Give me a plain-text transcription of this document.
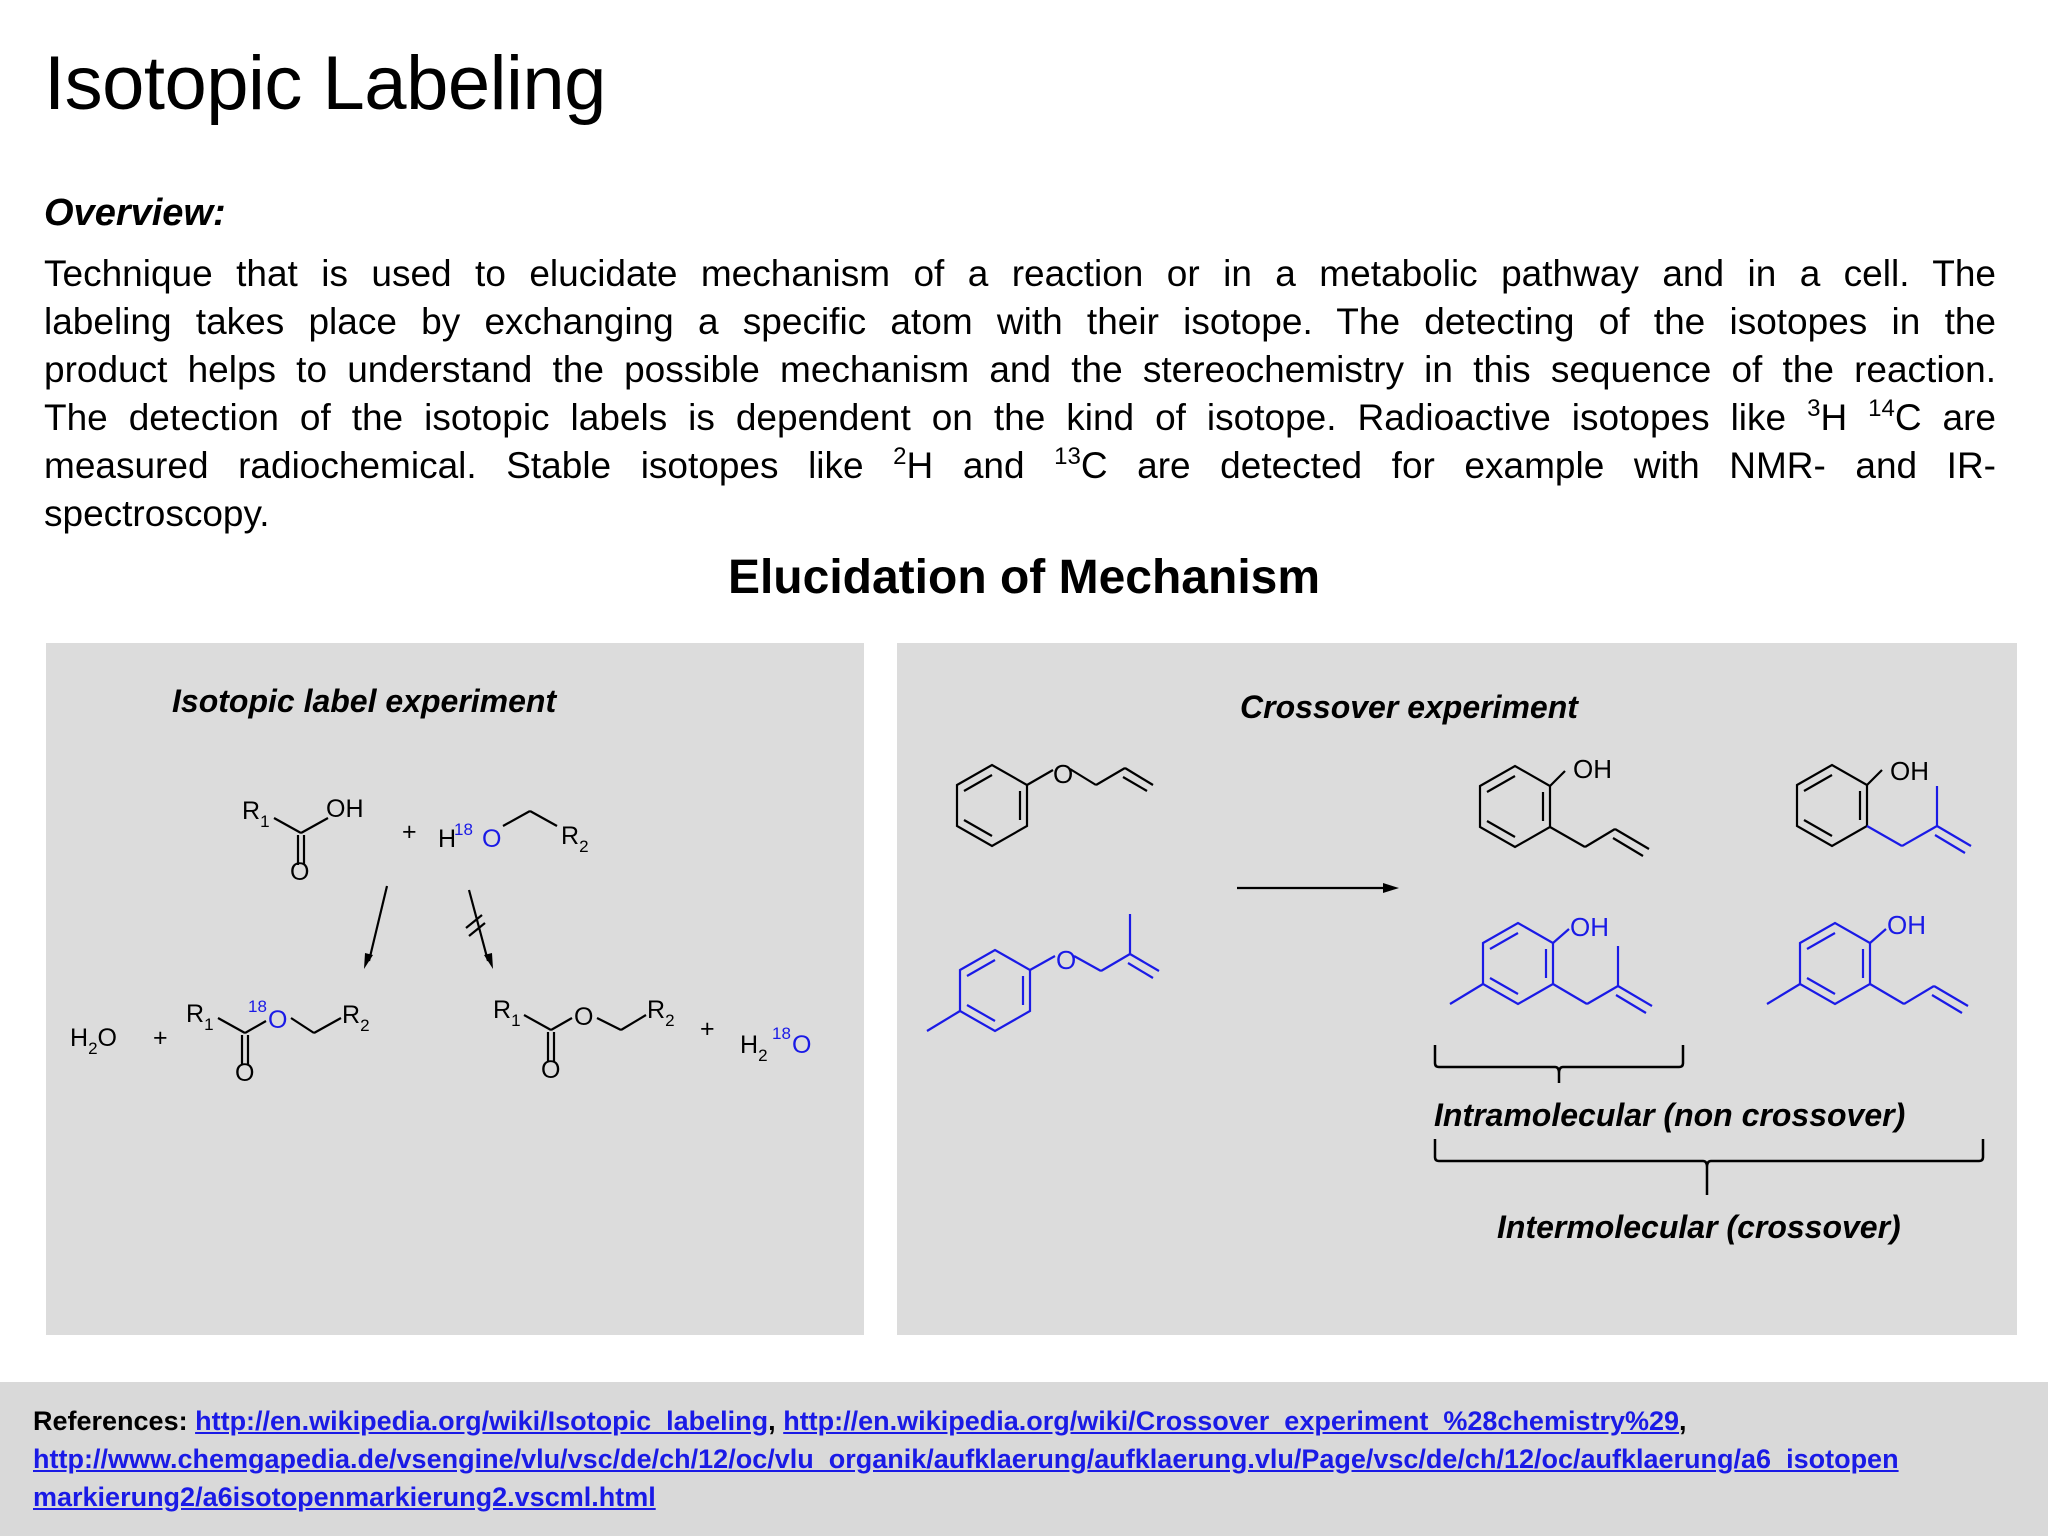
Isotopic Labeling
Overview:
Technique that is used to elucidate mechanism of a reaction or in a metabolic pathway and in a cell. The
labeling takes place by exchanging a specific atom with their isotope. The detecting of the isotopes in the
product helps to understand the possible mechanism and the stereochemistry in this sequence of the reaction.
The detection of the isotopic labels is dependent on the kind of isotope. Radioactive isotopes like $^3$H $^{14}$C are
measured radiochemical. Stable isotopes like $^2$H and $^{13}$C are detected for example with NMR- and IR-
spectroscopy.
Elucidation of Mechanism
Isotopic label experiment
$R_1$ OH
O
+ H
18 O $R_2$
$H_2O$ +
$R_1$
18 O $R_2$
O
$R_1$ O $R_2$
O
+
$H_2$
18 O
Crossover experiment
O
O
OH	OH
OH	OH
Intramolecular (non crossover)
Intermolecular (crossover)
References: http://en.wikipedia.org/wiki/Isotopic_labeling, http://en.wikipedia.org/wiki/Crossover_experiment_%28chemistry%29,
http://www.chemgapedia.de/vsengine/vlu/vsc/de/ch/12/oc/vlu_organik/aufklaerung/aufklaerung.vlu/Page/vsc/de/ch/12/oc/aufklaerung/a6_isotopen
markierung2/a6isotopenmarkierung2.vscml.html
